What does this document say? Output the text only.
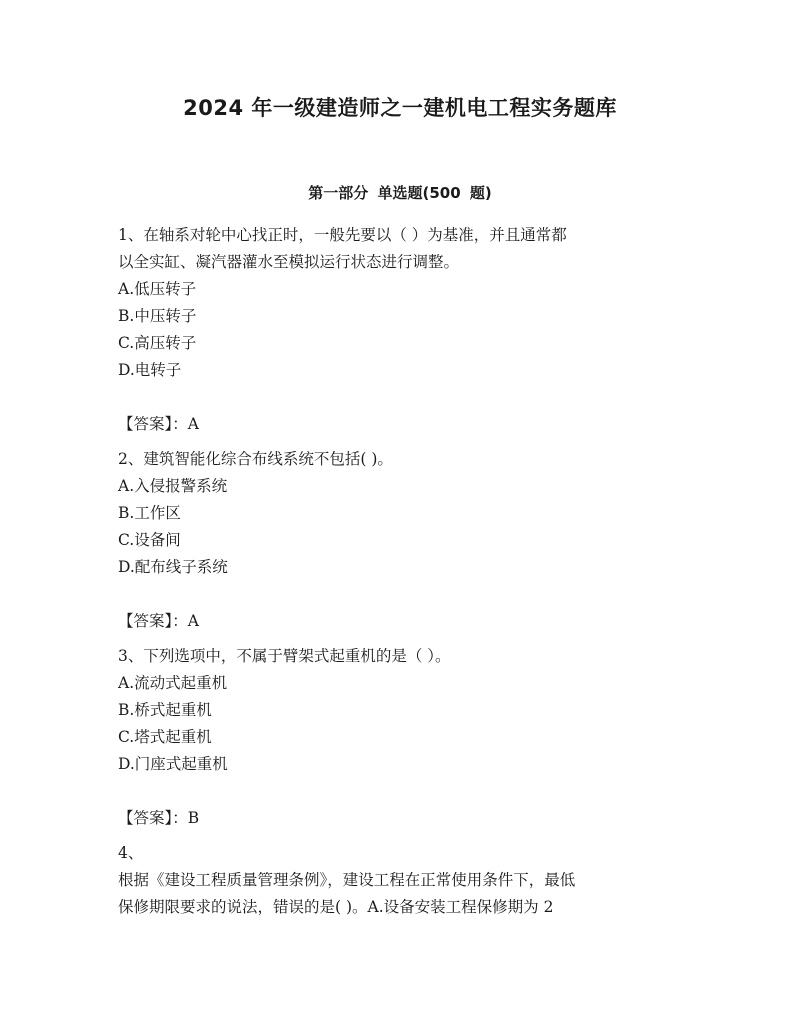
2024 年一级建造师之一建机电工程实务题库
第一部分 单选题(500 题)
1、在轴系对轮中心找正时，一般先要以（ ）为基准，并且通常都
以全实缸、凝汽器灌水至模拟运行状态进行调整。
A.低压转子
B.中压转子
C.高压转子
D.电转子
【答案】：A
2、建筑智能化综合布线系统不包括( )。
A.入侵报警系统
B.工作区
C.设备间
D.配布线子系统
【答案】：A
3、下列选项中，不属于臂架式起重机的是（ ）。
A.流动式起重机
B.桥式起重机
C.塔式起重机
D.门座式起重机
【答案】：B
4、
根据《建设工程质量管理条例》，建设工程在正常使用条件下，最低
保修期限要求的说法，错误的是( )。A.设备安装工程保修期为 2
